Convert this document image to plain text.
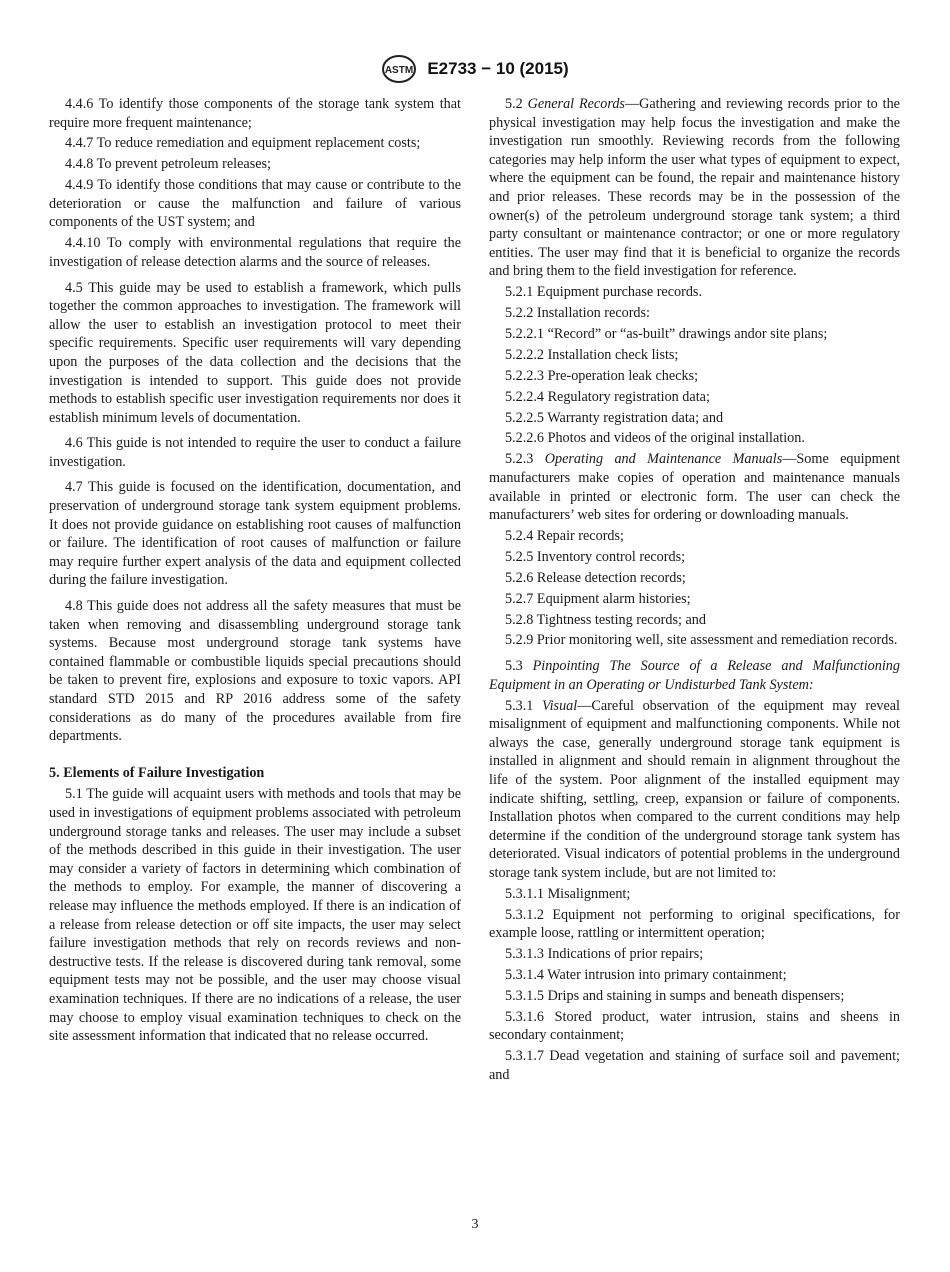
ASTM E2733 − 10 (2015)

4.4.6 To identify those components of the storage tank system that require more frequent maintenance;

4.4.7 To reduce remediation and equipment replacement costs;

4.4.8 To prevent petroleum releases;

4.4.9 To identify those conditions that may cause or contribute to the deterioration or cause the malfunction and failure of various components of the UST system; and

4.4.10 To comply with environmental regulations that require the investigation of release detection alarms and the source of releases.

4.5 This guide may be used to establish a framework, which pulls together the common approaches to investigation. The framework will allow the user to establish an investigation protocol to meet their specific requirements. Specific user requirements will vary depending upon the purposes of the data collection and the decisions that the investigation is intended to support. This guide does not provide methods to establish specific user investigation requirements nor does it establish minimum levels of documentation.

4.6 This guide is not intended to require the user to conduct a failure investigation.

4.7 This guide is focused on the identification, documentation, and preservation of underground storage tank system equipment problems. It does not provide guidance on establishing root causes of malfunction or failure. The identification of root causes of malfunction or failure may require further expert analysis of the data and equipment collected during the failure investigation.

4.8 This guide does not address all the safety measures that must be taken when removing and disassembling underground storage tank systems. Because most underground storage tank systems have contained flammable or combustible liquids special precautions should be taken to prevent fire, explosions and exposure to toxic vapors. API standard STD 2015 and RP 2016 address some of the safety considerations as do many of the procedures available from fire departments.

5. Elements of Failure Investigation

5.1 The guide will acquaint users with methods and tools that may be used in investigations of equipment problems associated with petroleum underground storage tanks and releases. The user may include a subset of the methods described in this guide in their investigation. The user may consider a variety of factors in determining which combination of the methods to employ. For example, the manner of discovering a release may influence the methods employed. If there is an indication of a release from release detection or off site impacts, the user may select failure investigation methods that rely on records reviews and non-destructive tests. If the release is discovered during tank removal, some equipment tests may not be possible, and the user may choose visual examination techniques. If there are no indications of a release, the user may choose to employ visual examination techniques to check on the site assessment information that indicated that no release occurred.

5.2 General Records—Gathering and reviewing records prior to the physical investigation may help focus the investigation and make the investigation run smoothly. Reviewing records from the following categories may help inform the user what types of equipment to expect, where the equipment can be found, the repair and maintenance history and prior releases. These records may be in the possession of the owner(s) of the petroleum underground storage tank system; a third party consultant or maintenance contractor; or one or more regulatory entities. The user may find that it is beneficial to organize the records and bring them to the field investigation for reference.

5.2.1 Equipment purchase records.

5.2.2 Installation records:

5.2.2.1 “Record” or “as-built” drawings andor site plans;

5.2.2.2 Installation check lists;

5.2.2.3 Pre-operation leak checks;

5.2.2.4 Regulatory registration data;

5.2.2.5 Warranty registration data; and

5.2.2.6 Photos and videos of the original installation.

5.2.3 Operating and Maintenance Manuals—Some equipment manufacturers make copies of operation and maintenance manuals available in printed or electronic form. The user can check the manufacturers’ web sites for ordering or downloading manuals.

5.2.4 Repair records;

5.2.5 Inventory control records;

5.2.6 Release detection records;

5.2.7 Equipment alarm histories;

5.2.8 Tightness testing records; and

5.2.9 Prior monitoring well, site assessment and remediation records.

5.3 Pinpointing The Source of a Release and Malfunctioning Equipment in an Operating or Undisturbed Tank System:

5.3.1 Visual—Careful observation of the equipment may reveal misalignment of equipment and malfunctioning components. While not always the case, generally underground storage tank equipment is installed in alignment and should remain in alignment throughout the life of the system. Poor alignment of the installed equipment may indicate shifting, settling, creep, expansion or failure of components. Installation photos when compared to the current conditions may help determine if the condition of the underground storage tank system has deteriorated. Visual indicators of potential problems in the underground storage tank system include, but are not limited to:

5.3.1.1 Misalignment;

5.3.1.2 Equipment not performing to original specifications, for example loose, rattling or intermittent operation;

5.3.1.3 Indications of prior repairs;

5.3.1.4 Water intrusion into primary containment;

5.3.1.5 Drips and staining in sumps and beneath dispensers;

5.3.1.6 Stored product, water intrusion, stains and sheens in secondary containment;

5.3.1.7 Dead vegetation and staining of surface soil and pavement; and

3
